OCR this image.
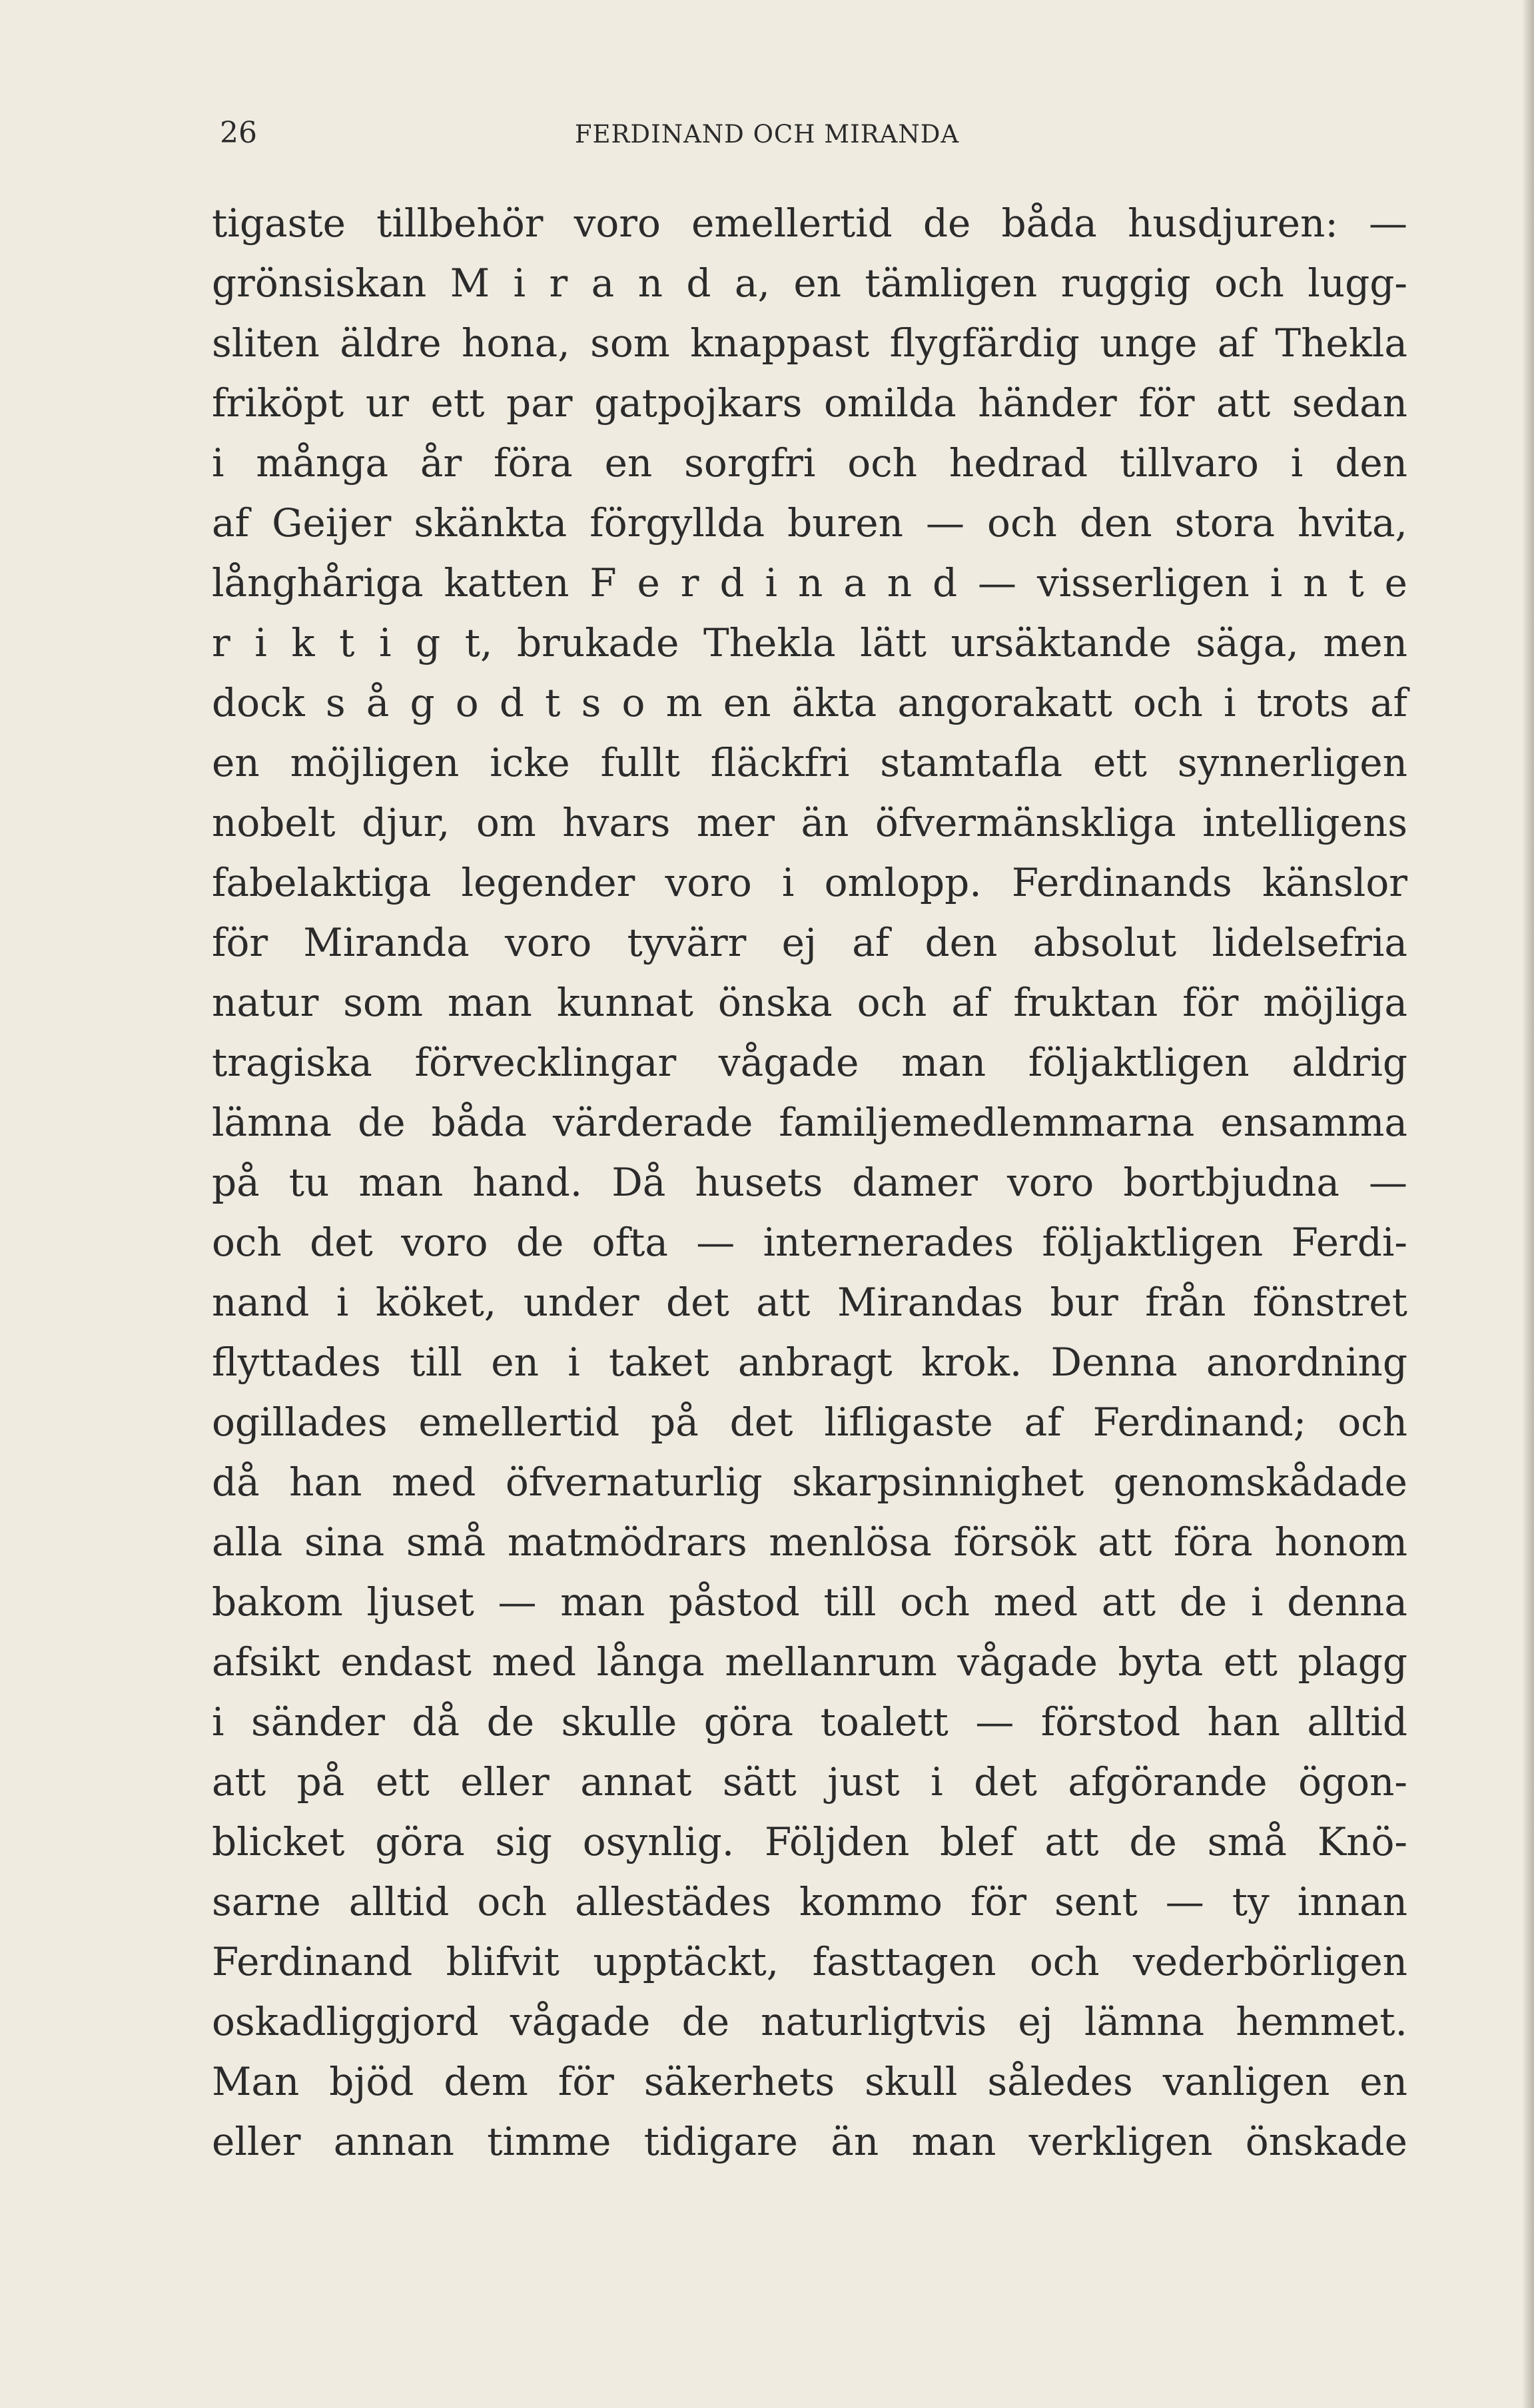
26	FERDINAND OCH MIRANDA
tigaste tillbehör voro emellertid de båda husdjuren: —
grönsiskan M i r a n d a, en tämligen ruggig och lugg-
sliten äldre hona, som knappast flygfärdig unge af Thekla
friköpt ur ett par gatpojkars omilda händer för att sedan
i många år föra en sorgfri och hedrad tillvaro i den
af Geijer skänkta förgyllda buren — och den stora hvita,
långhåriga katten F e r d i n a n d — visserligen i n t e
r i k t i g t, brukade Thekla lätt ursäktande säga, men
dock s å g o d t s o m en äkta angorakatt och i trots af
en möjligen icke fullt fläckfri stamtafla ett synnerligen
nobelt djur, om hvars mer än öfvermänskliga intelligens
fabelaktiga legender voro i omlopp. Ferdinands känslor
för Miranda voro tyvärr ej af den absolut lidelsefria
natur som man kunnat önska och af fruktan för möjliga
tragiska förvecklingar vågade man följaktligen aldrig
lämna de båda värderade familjemedlemmarna ensamma
på tu man hand. Då husets damer voro bortbjudna —
och det voro de ofta — internerades följaktligen Ferdi-
nand i köket, under det att Mirandas bur från fönstret
flyttades till en i taket anbragt krok. Denna anordning
ogillades emellertid på det lifligaste af Ferdinand; och
då han med öfvernaturlig skarpsinnighet genomskådade
alla sina små matmödrars menlösa försök att föra honom
bakom ljuset — man påstod till och med att de i denna
afsikt endast med långa mellanrum vågade byta ett plagg
i sänder då de skulle göra toalett — förstod han alltid
att på ett eller annat sätt just i det afgörande ögon-
blicket göra sig osynlig. Följden blef att de små Knö-
sarne alltid och allestädes kommo för sent — ty innan
Ferdinand blifvit upptäckt, fasttagen och vederbörligen
oskadliggjord vågade de naturligtvis ej lämna hemmet.
Man bjöd dem för säkerhets skull således vanligen en
eller annan timme tidigare än man verkligen önskade
